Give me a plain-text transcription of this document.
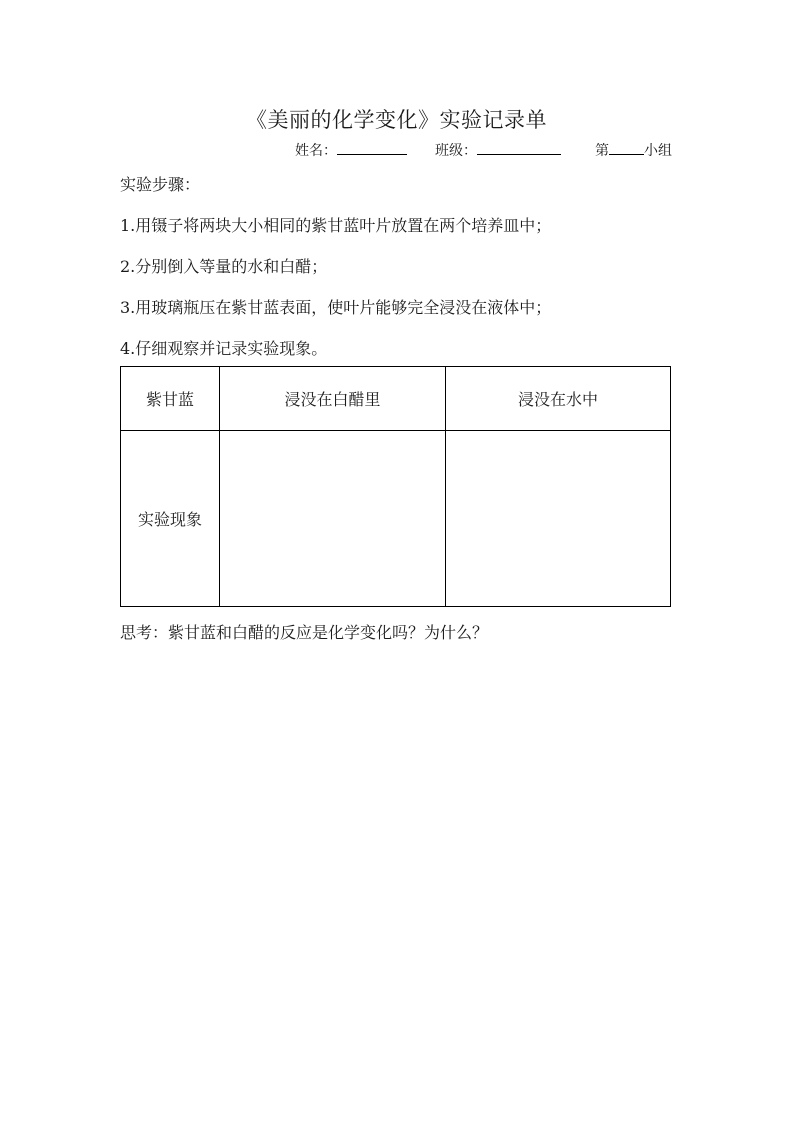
《美丽的化学变化》实验记录单
姓名：	班级：	第	小组
实验步骤：
1.用镊子将两块大小相同的紫甘蓝叶片放置在两个培养皿中；
2.分别倒入等量的水和白醋；
3.用玻璃瓶压在紫甘蓝表面，使叶片能够完全浸没在液体中；
4.仔细观察并记录实验现象。
紫甘蓝	浸没在白醋里	浸没在水中
实验现象		
思考：紫甘蓝和白醋的反应是化学变化吗？为什么？
